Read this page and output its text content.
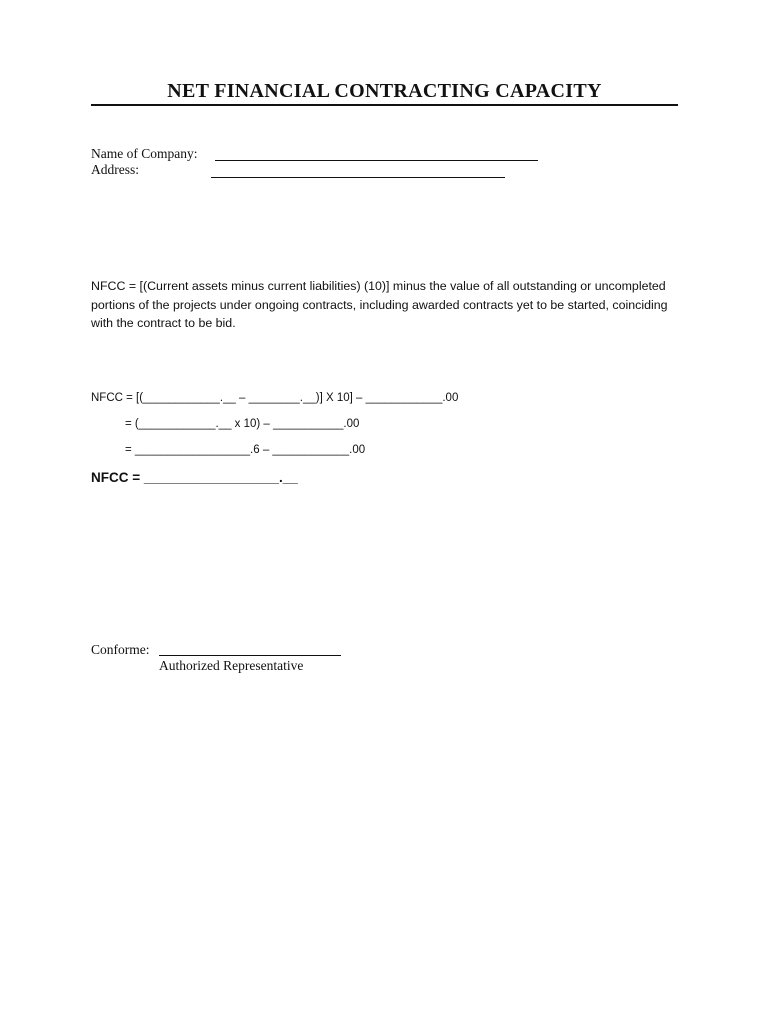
NET FINANCIAL CONTRACTING CAPACITY
Name of Company:
Address:

NFCC = [(Current assets minus current liabilities) (10)] minus the value of all outstanding or uncompleted portions of the projects under ongoing contracts, including awarded contracts yet to be started, coinciding with the contract to be bid.

NFCC = [(____________.__ – ________.__)] X 10] – ____________.00
= (____________.__ x 10) – ___________.00
= __________________.6 – ____________.00
NFCC = __________________.__
Conforme:
Authorized Representative
